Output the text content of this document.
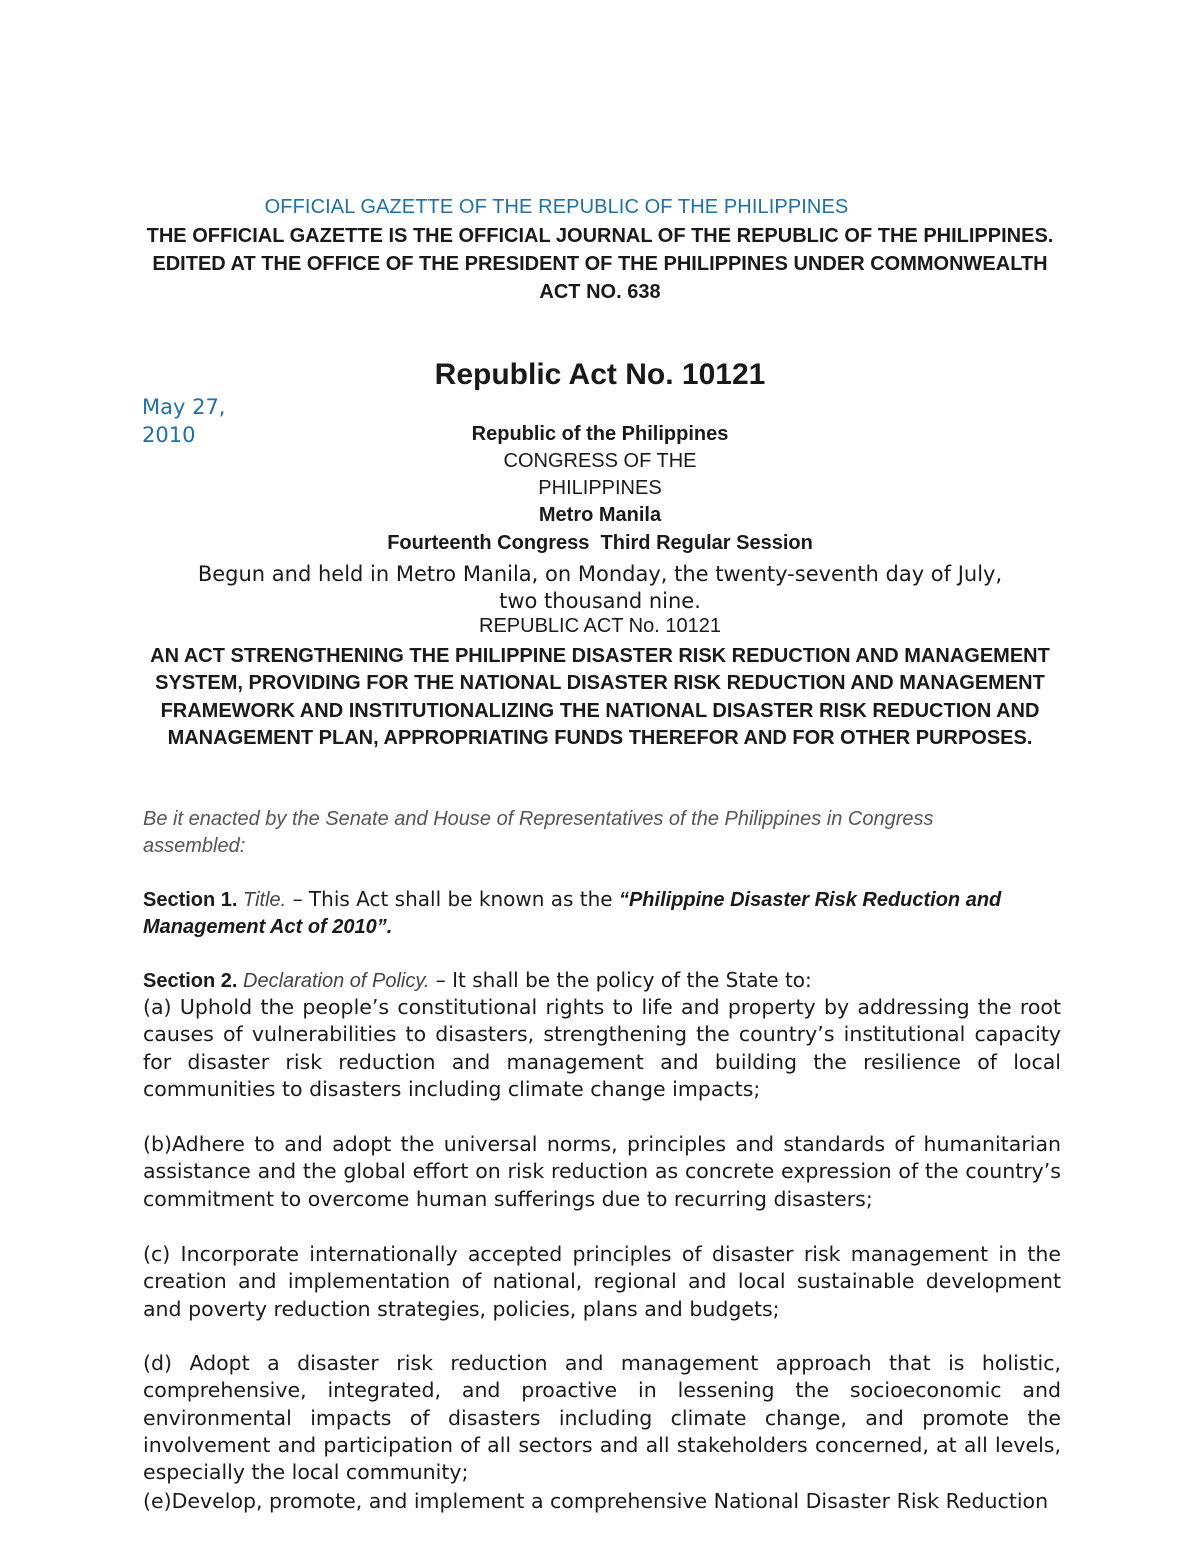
OFFICIAL GAZETTE OF THE REPUBLIC OF THE PHILIPPINES

THE OFFICIAL GAZETTE IS THE OFFICIAL JOURNAL OF THE REPUBLIC OF THE PHILIPPINES. EDITED AT THE OFFICE OF THE PRESIDENT OF THE PHILIPPINES UNDER COMMONWEALTH ACT NO. 638

Republic Act No. 10121

May 27, 2010	Republic of the Philippines

CONGRESS OF THE

PHILIPPINES

Metro Manila

Fourteenth Congress  Third Regular Session

Begun and held in Metro Manila, on Monday, the twenty-seventh day of July, two thousand nine.

REPUBLIC ACT No. 10121

AN ACT STRENGTHENING THE PHILIPPINE DISASTER RISK REDUCTION AND MANAGEMENT SYSTEM, PROVIDING FOR THE NATIONAL DISASTER RISK REDUCTION AND MANAGEMENT FRAMEWORK AND INSTITUTIONALIZING THE NATIONAL DISASTER RISK REDUCTION AND MANAGEMENT PLAN, APPROPRIATING FUNDS THEREFOR AND FOR OTHER PURPOSES.

Be it enacted by the Senate and House of Representatives of the Philippines in Congress assembled:

Section 1. Title. – This Act shall be known as the “Philippine Disaster Risk Reduction and Management Act of 2010”.

Section 2. Declaration of Policy. – It shall be the policy of the State to:

(a) Uphold the people’s constitutional rights to life and property by addressing the root causes of vulnerabilities to disasters, strengthening the country’s institutional capacity for disaster risk reduction and management and building the resilience of local communities to disasters including climate change impacts;

(b)Adhere to and adopt the universal norms, principles and standards of humanitarian assistance and the global effort on risk reduction as concrete expression of the country’s commitment to overcome human sufferings due to recurring disasters;

(c) Incorporate internationally accepted principles of disaster risk management in the creation and implementation of national, regional and local sustainable development and poverty reduction strategies, policies, plans and budgets;

(d) Adopt a disaster risk reduction and management approach that is holistic, comprehensive, integrated, and proactive in lessening the socioeconomic and environmental impacts of disasters including climate change, and promote the involvement and participation of all sectors and all stakeholders concerned, at all levels, especially the local community;

(e)Develop, promote, and implement a comprehensive National Disaster Risk Reduction
